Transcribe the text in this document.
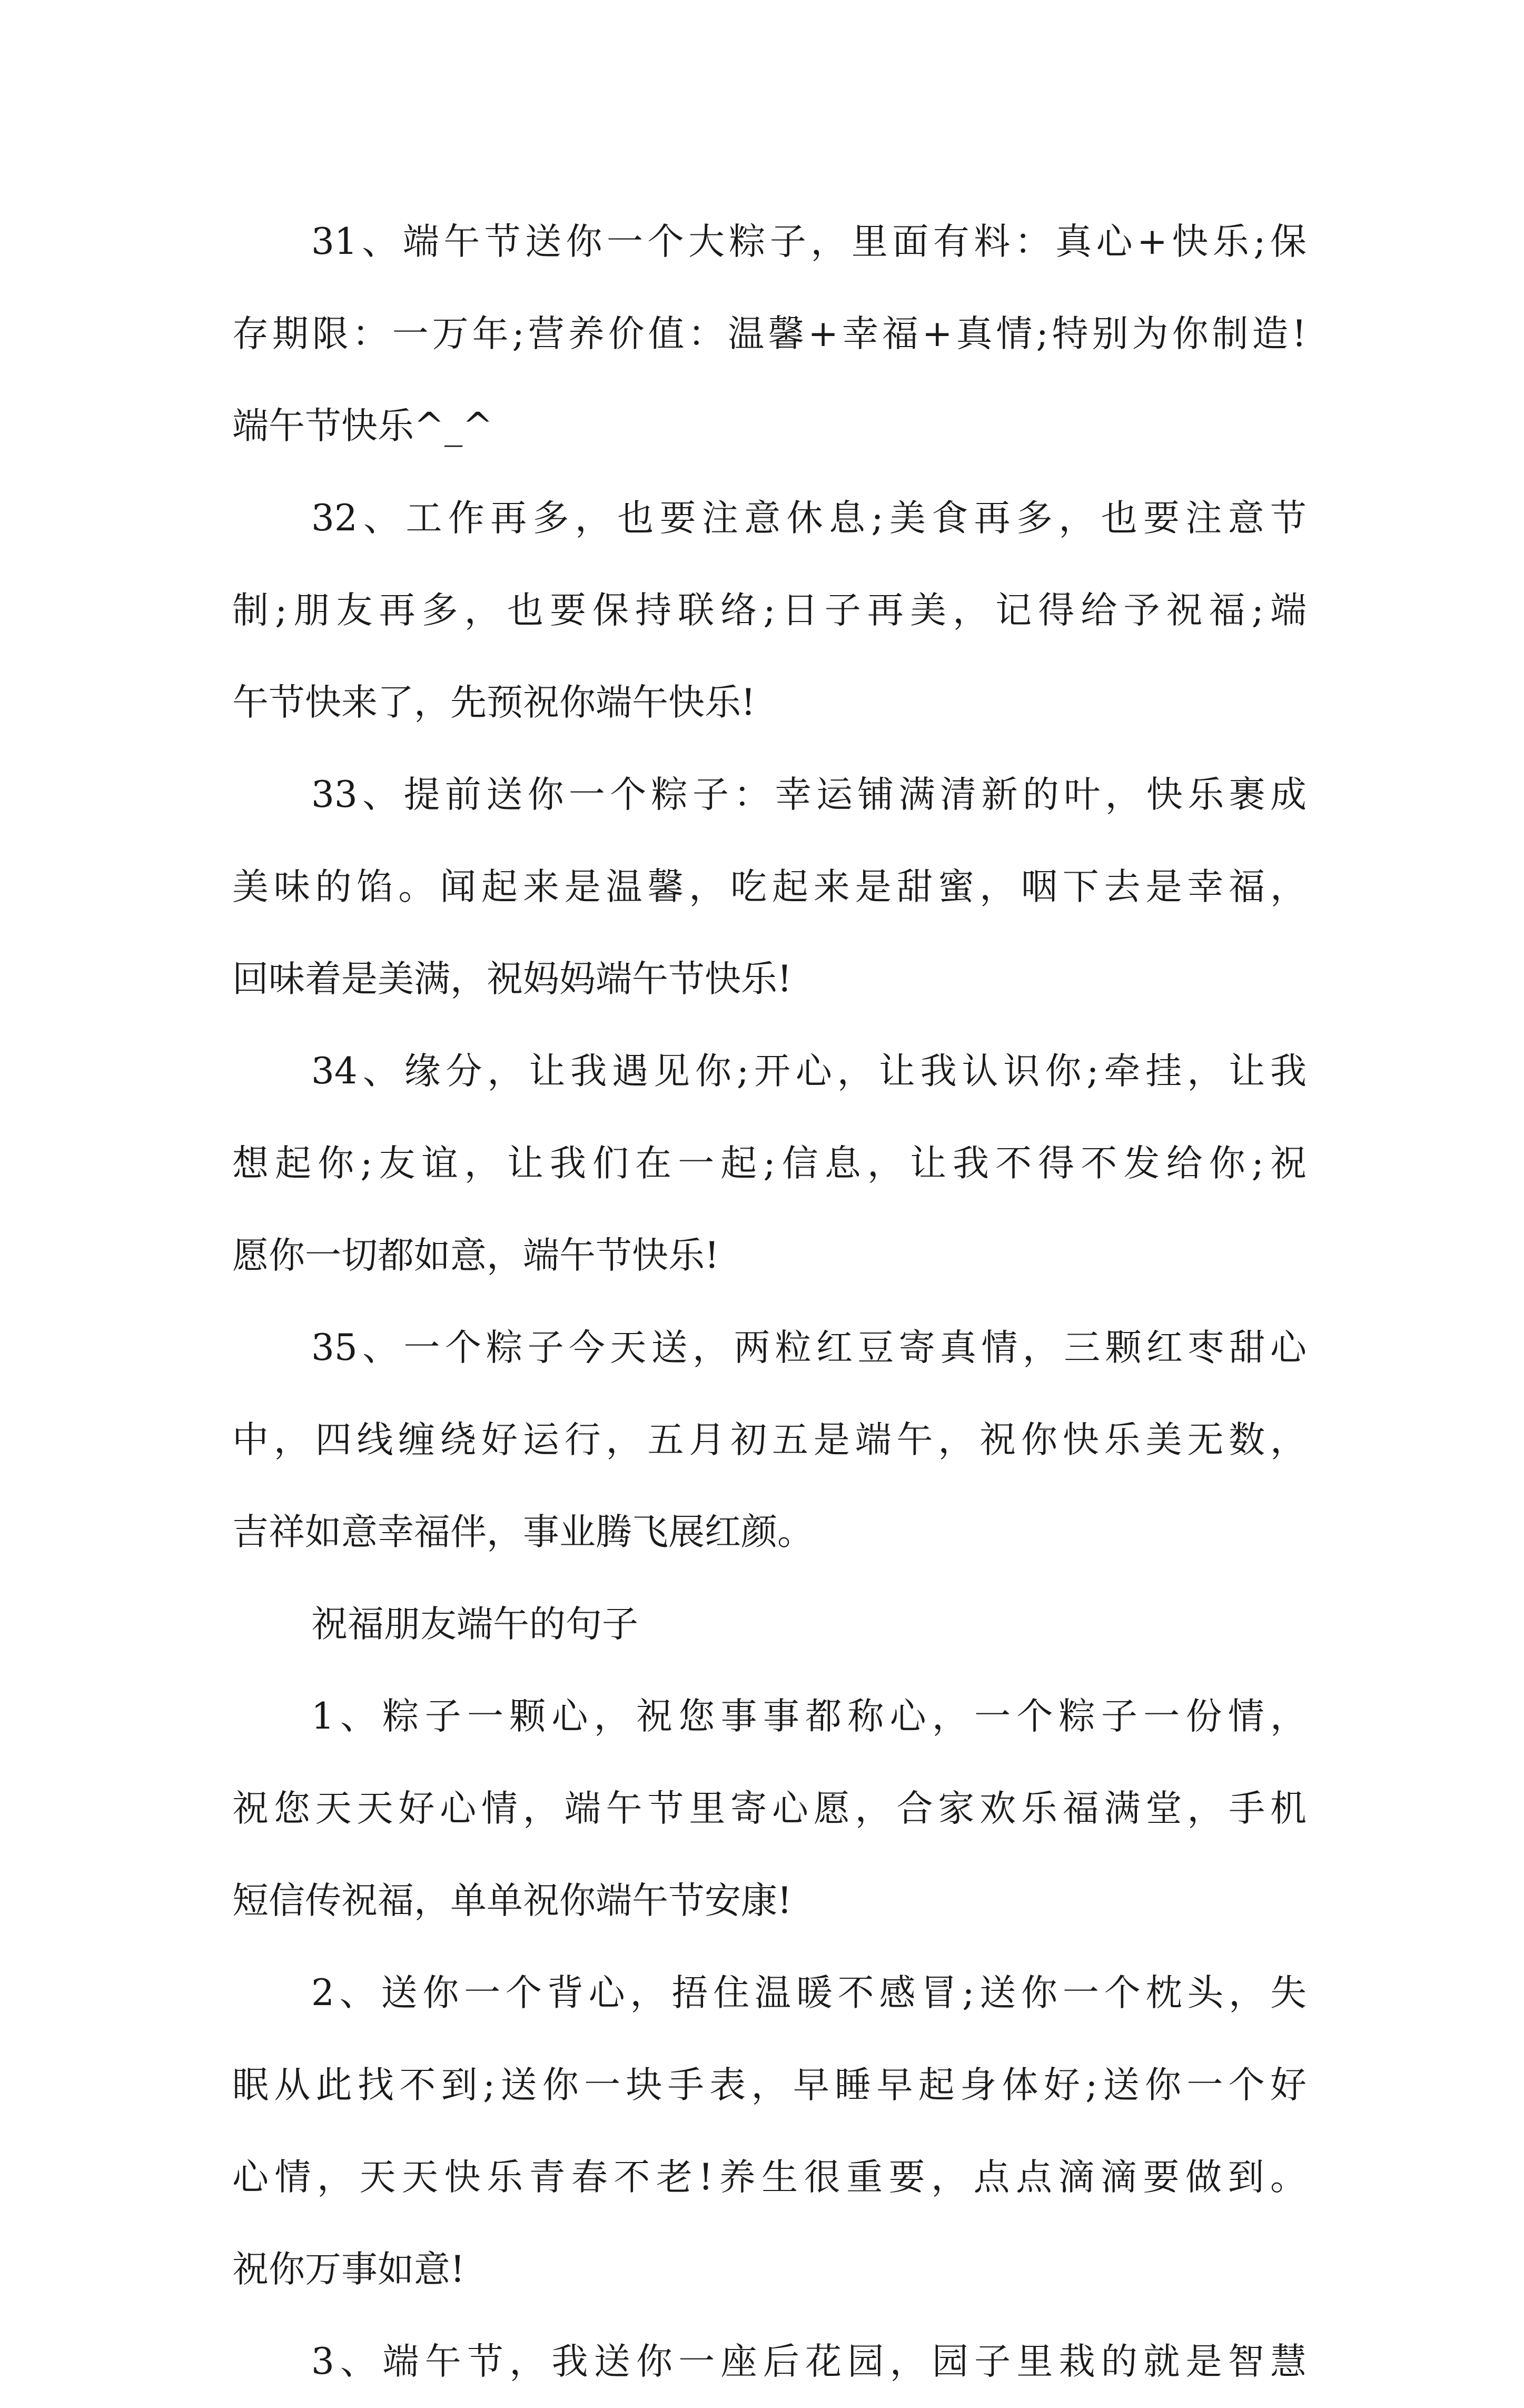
31、端午节送你一个大粽子，里面有料：真心+快乐;保
存期限：一万年;营养价值：温馨+幸福+真情;特别为你制造!
端午节快乐^_^
32、工作再多，也要注意休息;美食再多，也要注意节
制;朋友再多，也要保持联络;日子再美，记得给予祝福;端
午节快来了，先预祝你端午快乐!
33、提前送你一个粽子：幸运铺满清新的叶，快乐裹成
美味的馅。闻起来是温馨，吃起来是甜蜜，咽下去是幸福，
回味着是美满，祝妈妈端午节快乐!
34、缘分，让我遇见你;开心，让我认识你;牵挂，让我
想起你;友谊，让我们在一起;信息，让我不得不发给你;祝
愿你一切都如意，端午节快乐!
35、一个粽子今天送，两粒红豆寄真情，三颗红枣甜心
中，四线缠绕好运行，五月初五是端午，祝你快乐美无数，
吉祥如意幸福伴，事业腾飞展红颜。
祝福朋友端午的句子
1、粽子一颗心，祝您事事都称心，一个粽子一份情，
祝您天天好心情，端午节里寄心愿，合家欢乐福满堂，手机
短信传祝福，单单祝你端午节安康!
2、送你一个背心，捂住温暖不感冒;送你一个枕头，失
眠从此找不到;送你一块手表，早睡早起身体好;送你一个好
心情，天天快乐青春不老!养生很重要，点点滴滴要做到。
祝你万事如意!
3、端午节，我送你一座后花园，园子里栽的就是智慧
